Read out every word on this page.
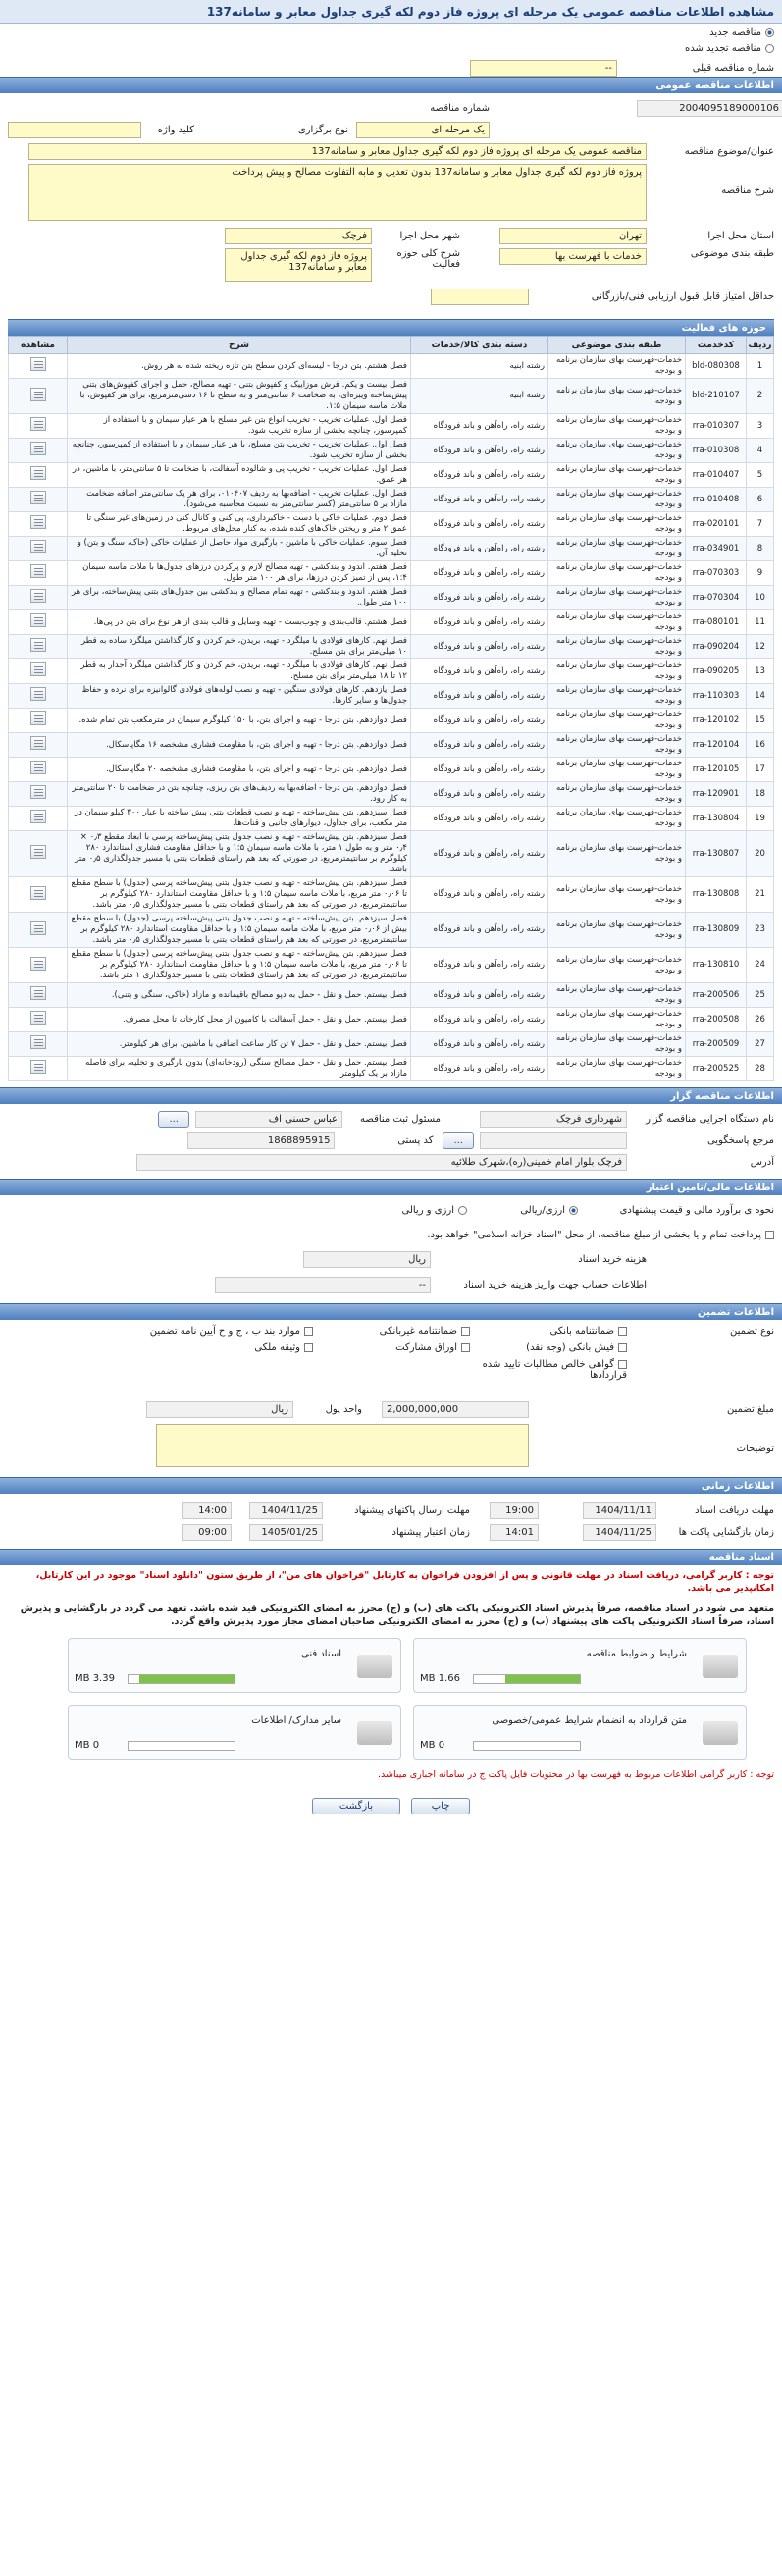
مشاهده اطلاعات مناقصه عمومی یک مرحله ای پروژه فاز دوم لکه گیری جداول معابر و سامانه137
مناقصه جدید
مناقصه تجدید شده
شماره مناقصه قبلی
--
اطلاعات مناقصه عمومی
شماره مناقصه	2004095189000106
یک مرحله ای
نوع برگزاری
کلید واژه
عنوان/موضوع مناقصه
مناقصه عمومی یک مرحله ای پروژه فاز دوم لکه گیری جداول معابر و سامانه137
شرح مناقصه
پروژه فاز دوم لکه گیری جداول معابر و سامانه137 بدون تعدیل و مابه التفاوت مصالح و پیش پرداخت
استان محل اجرا
تهران
شهر محل اجرا
فرچک
طبقه بندی موضوعی
خدمات با فهرست بها
شرح کلی حوزه فعالیت
پروژه فاز دوم لکه گیری جداول معابر و سامانه137
حداقل امتیاز قابل قبول ارزیابی فنی/بازرگانی
حوزه های فعالیت
ردیف	کدخدمت	طبقه بندی موضوعی	دسته بندی کالا/خدمات	شرح	مشاهده
1	bld-080308	خدمات-فهرست بهای سازمان برنامه و بودجه	رشته ابنیه	فصل هشتم. بتن درجا - لیسه‌ای کردن سطح بتن تازه ریخته شده به هر روش.	
2	bld-210107	خدمات-فهرست بهای سازمان برنامه و بودجه	رشته ابنیه	فصل بیست و یکم. فرش موزاییک و کفپوش بتنی - تهیه مصالح، حمل و اجرای کفپوش‌های بتنی پیش‌ساخته ویبره‌ای، به ضخامت ۶ سانتی‌متر و به سطح تا ۱۶ دسی‌مترمربع، برای هر کفپوش، با ملات ماسه سیمان ۱:۵.	
3	rra-010307	خدمات-فهرست بهای سازمان برنامه و بودجه	رشته راه، راه‌آهن و باند فرودگاه	فصل اول. عملیات تخریب - تخریب انواع بتن غیر مسلح با هر عیار سیمان و با استفاده از کمپرسور، چنانچه بخشی از سازه تخریب شود.	
4	rra-010308	خدمات-فهرست بهای سازمان برنامه و بودجه	رشته راه، راه‌آهن و باند فرودگاه	فصل اول. عملیات تخریب - تخریب بتن مسلح، با هر عیار سیمان و با استفاده از کمپرسور، چنانچه بخشی از سازه تخریب شود.	
5	rra-010407	خدمات-فهرست بهای سازمان برنامه و بودجه	رشته راه، راه‌آهن و باند فرودگاه	فصل اول. عملیات تخریب - تخریب پی و شالوده آسفالت، با ضخامت تا ۵ سانتی‌متر، با ماشین، در هر عمق.	
6	rra-010408	خدمات-فهرست بهای سازمان برنامه و بودجه	رشته راه، راه‌آهن و باند فرودگاه	فصل اول. عملیات تخریب - اضافه‌بها به ردیف ۰۱۰۴۰۷، برای هر یک سانتی‌متر اضافه ضخامت مازاد بر ۵ سانتی‌متر (کسر سانتی‌متر به نسبت محاسبه می‌شود).	
7	rra-020101	خدمات-فهرست بهای سازمان برنامه و بودجه	رشته راه، راه‌آهن و باند فرودگاه	فصل دوم. عملیات خاکی با دست - خاکبرداری، پی کنی و کانال کنی در زمین‌های غیر سنگی تا عمق ۲ متر و ریختن خاک‌های کنده شده، به کنار محل‌های مربوط.	
8	rra-034901	خدمات-فهرست بهای سازمان برنامه و بودجه	رشته راه، راه‌آهن و باند فرودگاه	فصل سوم. عملیات خاکی با ماشین - بارگیری مواد حاصل از عملیات خاکی (خاک، سنگ و بتن) و تخلیه آن.	
9	rra-070303	خدمات-فهرست بهای سازمان برنامه و بودجه	رشته راه، راه‌آهن و باند فرودگاه	فصل هفتم. اندود و بندکشی - تهیه مصالح لازم و پرکردن درزهای جدول‌ها با ملات ماسه سیمان ۱:۴، پس از تمیز کردن درزها، برای هر ۱۰۰ متر طول.	
10	rra-070304	خدمات-فهرست بهای سازمان برنامه و بودجه	رشته راه، راه‌آهن و باند فرودگاه	فصل هفتم. اندود و بندکشی - تهیه تمام مصالح و بندکشی بین جدول‌های بتنی پیش‌ساخته، برای هر ۱۰۰ متر طول.	
11	rra-080101	خدمات-فهرست بهای سازمان برنامه و بودجه	رشته راه، راه‌آهن و باند فرودگاه	فصل هشتم. قالب‌بندی و چوب‌بست - تهیه وسایل و قالب بندی از هر نوع برای بتن در پی‌ها.	
12	rra-090204	خدمات-فهرست بهای سازمان برنامه و بودجه	رشته راه، راه‌آهن و باند فرودگاه	فصل نهم. کارهای فولادی با میلگرد - تهیه، بریدن، خم کردن و کار گذاشتن میلگرد ساده به قطر ۱۰ میلی‌متر برای بتن مسلح.	
13	rra-090205	خدمات-فهرست بهای سازمان برنامه و بودجه	رشته راه، راه‌آهن و باند فرودگاه	فصل نهم. کارهای فولادی با میلگرد - تهیه، بریدن، خم کردن و کار گذاشتن میلگرد آجدار به قطر ۱۲ تا ۱۸ میلی‌متر برای بتن مسلح.	
14	rra-110303	خدمات-فهرست بهای سازمان برنامه و بودجه	رشته راه، راه‌آهن و باند فرودگاه	فصل یازدهم. کارهای فولادی سنگین - تهیه و نصب لوله‌های فولادی گالوانیزه برای نرده و حفاظ جدول‌ها و سایر کارها.	
15	rra-120102	خدمات-فهرست بهای سازمان برنامه و بودجه	رشته راه، راه‌آهن و باند فرودگاه	فصل دوازدهم. بتن درجا - تهیه و اجرای بتن، با ۱۵۰ کیلوگرم سیمان در مترمکعب بتن تمام شده.	
16	rra-120104	خدمات-فهرست بهای سازمان برنامه و بودجه	رشته راه، راه‌آهن و باند فرودگاه	فصل دوازدهم. بتن درجا - تهیه و اجرای بتن، با مقاومت فشاری مشخصه ۱۶ مگاپاسکال.	
17	rra-120105	خدمات-فهرست بهای سازمان برنامه و بودجه	رشته راه، راه‌آهن و باند فرودگاه	فصل دوازدهم. بتن درجا - تهیه و اجرای بتن، با مقاومت فشاری مشخصه ۲۰ مگاپاسکال.	
18	rra-120901	خدمات-فهرست بهای سازمان برنامه و بودجه	رشته راه، راه‌آهن و باند فرودگاه	فصل دوازدهم. بتن درجا - اضافه‌بها به ردیف‌های بتن ریزی، چنانچه بتن در ضخامت تا ۲۰ سانتی‌متر به کار رود.	
19	rra-130804	خدمات-فهرست بهای سازمان برنامه و بودجه	رشته راه، راه‌آهن و باند فرودگاه	فصل سیزدهم. بتن پیش‌ساخته - تهیه و نصب قطعات بتنی پیش ساخته با عیار ۳۰۰ کیلو سیمان در متر مکعب، برای جداول، دیوارهای جانبی و قنات‌ها.	
20	rra-130807	خدمات-فهرست بهای سازمان برنامه و بودجه	رشته راه، راه‌آهن و باند فرودگاه	فصل سیزدهم. بتن پیش‌ساخته - تهیه و نصب جدول بتنی پیش‌ساخته پرسی با ابعاد مقطع ۰٫۳ × ۰٫۴ متر و به طول ۱ متر، با ملات ماسه سیمان ۱:۵ و با حداقل مقاومت فشاری استاندارد ۲۸۰ کیلوگرم بر سانتیمترمربع، در صورتی که بعد هم راستای قطعات بتنی با مسیر جدولگذاری ۰٫۵ متر باشد.	
21	rra-130808	خدمات-فهرست بهای سازمان برنامه و بودجه	رشته راه، راه‌آهن و باند فرودگاه	فصل سیزدهم. بتن پیش‌ساخته - تهیه و نصب جدول بتنی پیش‌ساخته پرسی (جدول) با سطح مقطع تا ۰٫۰۶ متر مربع، با ملات ماسه سیمان ۱:۵ و با حداقل مقاومت استاندارد ۲۸۰ کیلوگرم بر سانتیمترمربع، در صورتی که بعد هم راستای قطعات بتنی با مسیر جدولگذاری ۰٫۵ متر باشد.	
23	rra-130809	خدمات-فهرست بهای سازمان برنامه و بودجه	رشته راه، راه‌آهن و باند فرودگاه	فصل سیزدهم. بتن پیش‌ساخته - تهیه و نصب جدول بتنی پیش‌ساخته پرسی (جدول) با سطح مقطع بیش از ۰٫۰۶ متر مربع، با ملات ماسه سیمان ۱:۵ و با حداقل مقاومت استاندارد ۲۸۰ کیلوگرم بر سانتیمترمربع، در صورتی که بعد هم راستای قطعات بتنی با مسیر جدولگذاری ۰٫۵ متر باشد.	
24	rra-130810	خدمات-فهرست بهای سازمان برنامه و بودجه	رشته راه، راه‌آهن و باند فرودگاه	فصل سیزدهم. بتن پیش‌ساخته - تهیه و نصب جدول بتنی پیش‌ساخته پرسی (جدول) با سطح مقطع تا ۰٫۰۶ متر مربع، با ملات ماسه سیمان ۱:۵ و با حداقل مقاومت استاندارد ۲۸۰ کیلوگرم بر سانتیمترمربع، در صورتی که بعد هم راستای قطعات بتنی با مسیر جدولگذاری ۱ متر باشد.	
25	rra-200506	خدمات-فهرست بهای سازمان برنامه و بودجه	رشته راه، راه‌آهن و باند فرودگاه	فصل بیستم. حمل و نقل - حمل به دپو مصالح باقیمانده و مازاد (خاکی، سنگی و بتنی).	
26	rra-200508	خدمات-فهرست بهای سازمان برنامه و بودجه	رشته راه، راه‌آهن و باند فرودگاه	فصل بیستم. حمل و نقل - حمل آسفالت با کامیون از محل کارخانه تا محل مصرف.	
27	rra-200509	خدمات-فهرست بهای سازمان برنامه و بودجه	رشته راه، راه‌آهن و باند فرودگاه	فصل بیستم. حمل و نقل - حمل ۷ تن کار ساعت اضافی با ماشین، برای هر کیلومتر.	
28	rra-200525	خدمات-فهرست بهای سازمان برنامه و بودجه	رشته راه، راه‌آهن و باند فرودگاه	فصل بیستم. حمل و نقل - حمل مصالح سنگی (رودخانه‌ای) بدون بارگیری و تخلیه، برای فاصله مازاد بر یک کیلومتر.	
اطلاعات مناقصه گزار
نام دستگاه اجرایی مناقصه گزار
شهرداری فرچک
مسئول ثبت مناقصه
عباس حسنی اف
...
مرجع پاسخگویی
...
کد پستی
1868895915
آدرس
فرچک بلوار امام خمینی(ره)،شهرک طلائیه
اطلاعات مالی/تامین اعتبار
نحوه ی برآورد مالی و قیمت پیشنهادی
ارزی/ریالی
ارزی و ریالی
پرداخت تمام و یا بخشی از مبلغ مناقصه، از محل "اسناد خزانه اسلامی" خواهد بود.
هزینه خرید اسناد
ریال
اطلاعات حساب جهت واریز هزینه خرید اسناد
--
اطلاعات تضمین
نوع تضمین
ضمانتنامه بانکی
ضمانتنامه غیربانکی
موارد بند ب ، ج و ح آیین نامه تضمین
فیش بانکی (وجه نقد)
اوراق مشارکت
وثیقه ملکی
گواهی خالص مطالبات تایید شده قراردادها
مبلغ تضمین
2,000,000,000
واحد پول
ریال
توضیحات
اطلاعات زمانی
مهلت دریافت اسناد
1404/11/11
19:00
مهلت ارسال پاکتهای پیشنهاد
1404/11/25
14:00
زمان بازگشایی پاکت ها
1404/11/25
14:01
زمان اعتبار پیشنهاد
1405/01/25
09:00
اسناد مناقصه
توجه : کاربر گرامی، دریافت اسناد در مهلت قانونی و پس از افزودن فراخوان به کارتابل "فراخوان های من"، از طریق ستون "دانلود اسناد" موجود در این کارتابل، امکانپذیر می باشد.
متعهد می شود در اسناد مناقصه، صرفاً پذیرش اسناد الکترونیکی پاکت های (ب) و (ج) محرز به امضای الکترونیکی قید شده باشد. تعهد می گردد در بارگشایی و پذیرش اسناد، صرفاً اسناد الکترونیکی پاکت های پیشنهاد (ب) و (ج) محرز به امضای الکترونیکی صاحبان امضای مجاز مورد پذیرش واقع گردد.
شرایط و ضوابط مناقصه
1.66 MB
اسناد فنی
3.39 MB
متن قرارداد به انضمام شرایط عمومی/خصوصی
0 MB
سایر مدارک/ اطلاعات
0 MB
توجه : کاربر گرامی اطلاعات مربوط به فهرست بها در محتویات فایل پاکت ج در سامانه اجباری میباشد.
چاپ بازگشت
